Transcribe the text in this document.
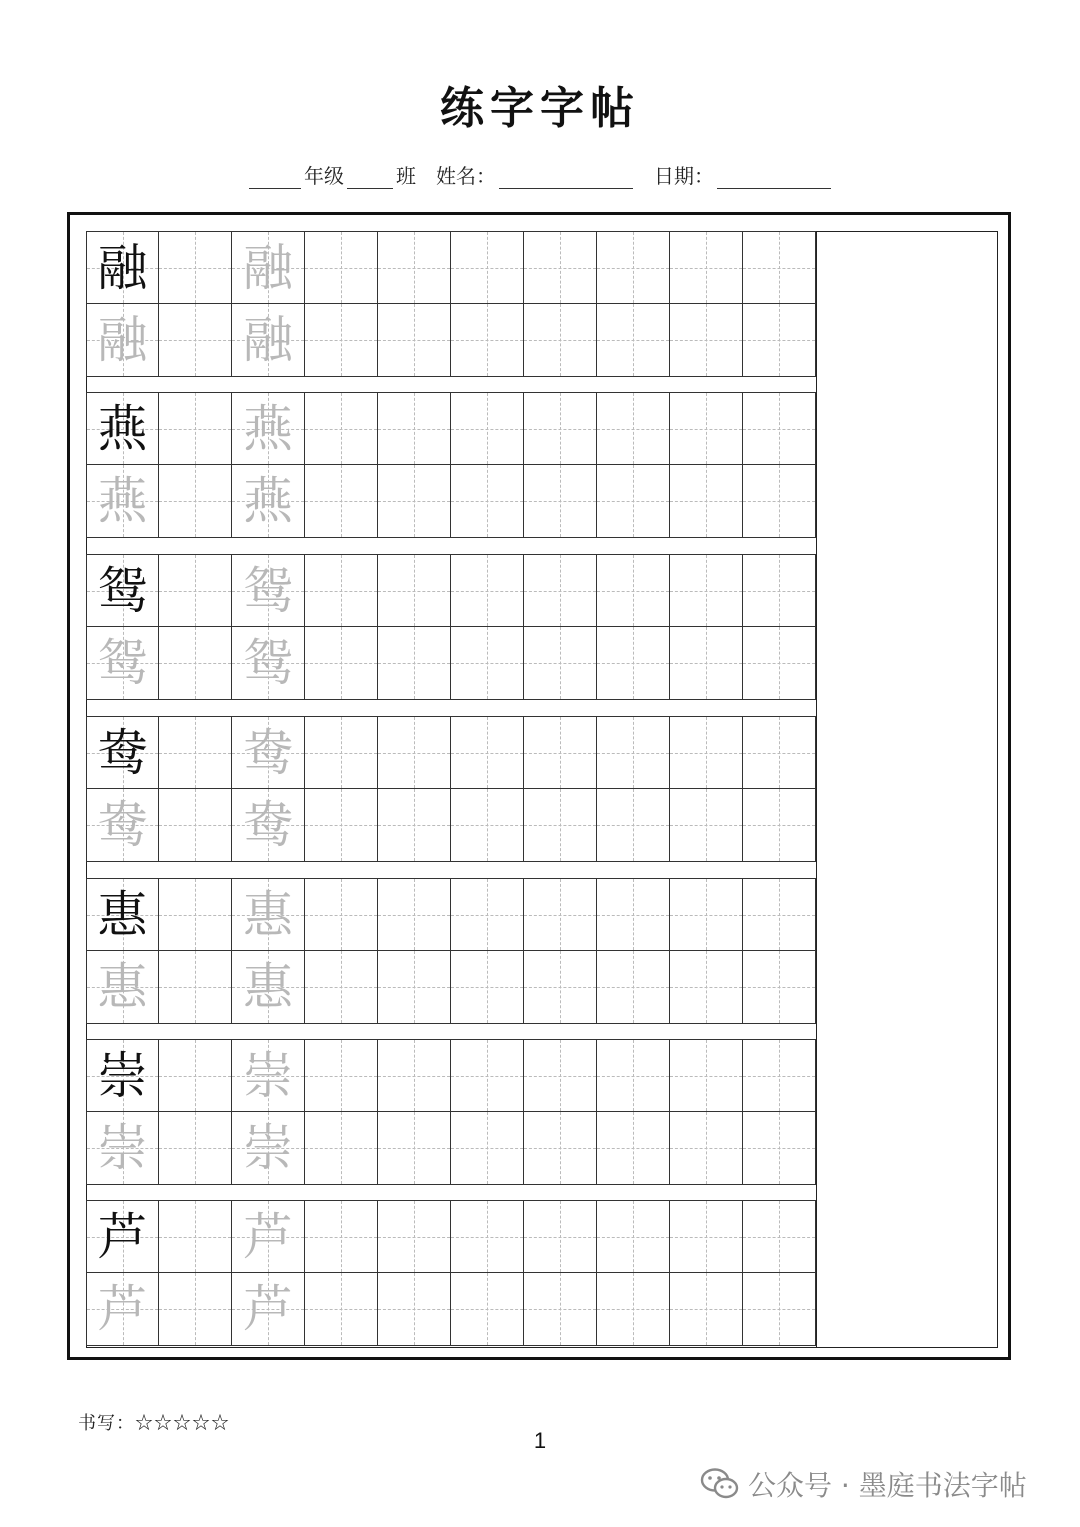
练字字帖
年级	班 姓名：	日期：
融 融
融 融
燕 燕
燕 燕
鸳 鸳
鸳 鸳
鸯 鸯
鸯 鸯
惠 惠
惠 惠
崇 崇
崇 崇
芦 芦
芦 芦
书写：☆☆☆☆☆
1
公众号 · 墨庭书法字帖
